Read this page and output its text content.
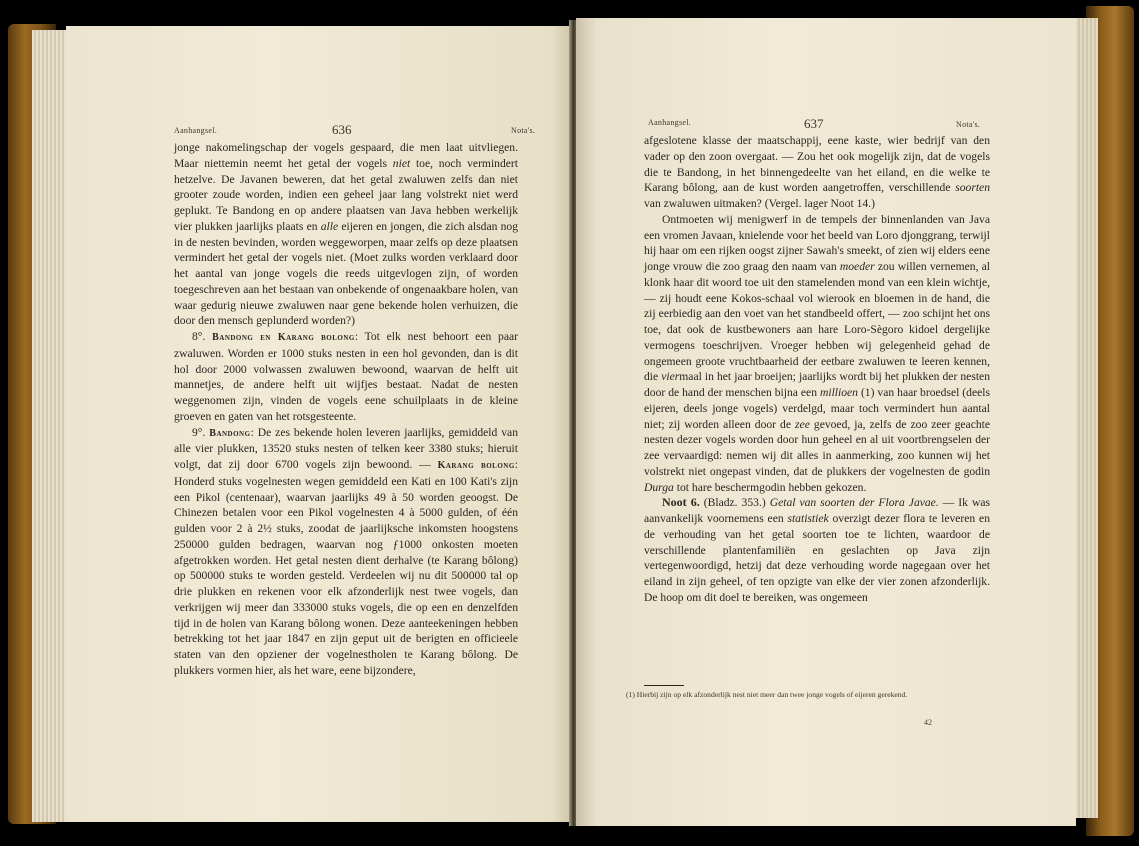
Aanhangsel.	636	Nota's.

jonge nakomelingschap der vogels gespaard, die men laat uitvliegen. Maar niettemin neemt het getal der vogels niet toe, noch vermindert hetzelve. De Javanen beweren, dat het getal zwaluwen zelfs dan niet grooter zoude worden, indien een geheel jaar lang volstrekt niet werd geplukt. Te Bandong en op andere plaatsen van Java hebben werkelijk vier plukken jaarlijks plaats en alle eijeren en jongen, die zich alsdan nog in de nesten bevinden, worden weggeworpen, maar zelfs op deze plaatsen vermindert het getal der vogels niet. (Moet zulks worden verklaard door het aantal van jonge vogels die reeds uitgevlogen zijn, of worden toegeschreven aan het bestaan van onbekende of ongenaakbare holen, van waar gedurig nieuwe zwaluwen naar gene bekende holen verhuizen, die door den mensch geplunderd worden?)

8°. Bandong en Karang bolong: Tot elk nest behoort een paar zwaluwen. Worden er 1000 stuks nesten in een hol gevonden, dan is dit hol door 2000 volwassen zwaluwen bewoond, waarvan de helft uit mannetjes, de andere helft uit wijfjes bestaat. Nadat de nesten weggenomen zijn, vinden de vogels eene schuilplaats in de kleine groeven en gaten van het rotsgesteente.

9°. Bandong: De zes bekende holen leveren jaarlijks, gemiddeld van alle vier plukken, 13520 stuks nesten of telken keer 3380 stuks; hieruit volgt, dat zij door 6700 vogels zijn bewoond. — Karang bolong: Honderd stuks vogelnesten wegen gemiddeld een Kati en 100 Kati's zijn een Pikol (centenaar), waarvan jaarlijks 49 à 50 worden geoogst. De Chinezen betalen voor een Pikol vogelnesten 4 à 5000 gulden, of één gulden voor 2 à 2½ stuks, zoodat de jaarlijksche inkomsten hoogstens 250000 gulden bedragen, waarvan nog ƒ1000 onkosten moeten afgetrokken worden. Het getal nesten dient derhalve (te Karang bôlong) op 500000 stuks te worden gesteld. Verdeelen wij nu dit 500000 tal op drie plukken en rekenen voor elk afzonderlijk nest twee vogels, dan verkrijgen wij meer dan 333000 stuks vogels, die op een en denzelfden tijd in de holen van Karang bôlong wonen. Deze aanteekeningen hebben betrekking tot het jaar 1847 en zijn geput uit de berigten en officieele staten van den opziener der vogelnestholen te Karang bôlong. De plukkers vormen hier, als het ware, eene bijzondere,

Aanhangsel.	637	Nota's.

afgeslotene klasse der maatschappij, eene kaste, wier bedrijf van den vader op den zoon overgaat. — Zou het ook mogelijk zijn, dat de vogels die te Bandong, in het binnengedeelte van het eiland, en die welke te Karang bôlong, aan de kust worden aangetroffen, verschillende soorten van zwaluwen uitmaken? (Vergel. lager Noot 14.)

Ontmoeten wij menigwerf in de tempels der binnenlanden van Java een vromen Javaan, knielende voor het beeld van Loro djonggrang, terwijl hij haar om een rijken oogst zijner Sawah's smeekt, of zien wij elders eene jonge vrouw die zoo graag den naam van moeder zou willen vernemen, al klonk haar dit woord toe uit den stamelenden mond van een klein wichtje, — zij houdt eene Kokos-schaal vol wierook en bloemen in de hand, die zij eerbiedig aan den voet van het standbeeld offert, — zoo schijnt het ons toe, dat ook de kustbewoners aan hare Loro-Sègoro kidoel dergelijke vermogens toeschrijven. Vroeger hebben wij gelegenheid gehad de ongemeen groote vruchtbaarheid der eetbare zwaluwen te leeren kennen, die viermaal in het jaar broeijen; jaarlijks wordt bij het plukken der nesten door de hand der menschen bijna een millioen (1) van haar broedsel (deels eijeren, deels jonge vogels) verdelgd, maar toch vermindert hun aantal niet; zij worden alleen door de zee gevoed, ja, zelfs de zoo zeer geachte nesten dezer vogels worden door hun geheel en al uit voortbrengselen der zee vervaardigd: nemen wij dit alles in aanmerking, zoo kunnen wij het volstrekt niet ongepast vinden, dat de plukkers der vogelnesten de godin Durga tot hare beschermgodin hebben gekozen.

Noot 6. (Bladz. 353.) Getal van soorten der Flora Javae. — Ik was aanvankelijk voornemens een statistiek overzigt dezer flora te leveren en de verhouding van het getal soorten toe te lichten, waardoor de verschillende plantenfamiliën en geslachten op Java zijn vertegenwoordigd, hetzij dat deze verhouding worde nagegaan over het eiland in zijn geheel, of ten opzigte van elke der vier zonen afzonderlijk. De hoop om dit doel te bereiken, was ongemeen

(1) Hierbij zijn op elk afzonderlijk nest niet meer dan twee jonge vogels of eijeren gerekend.
42
